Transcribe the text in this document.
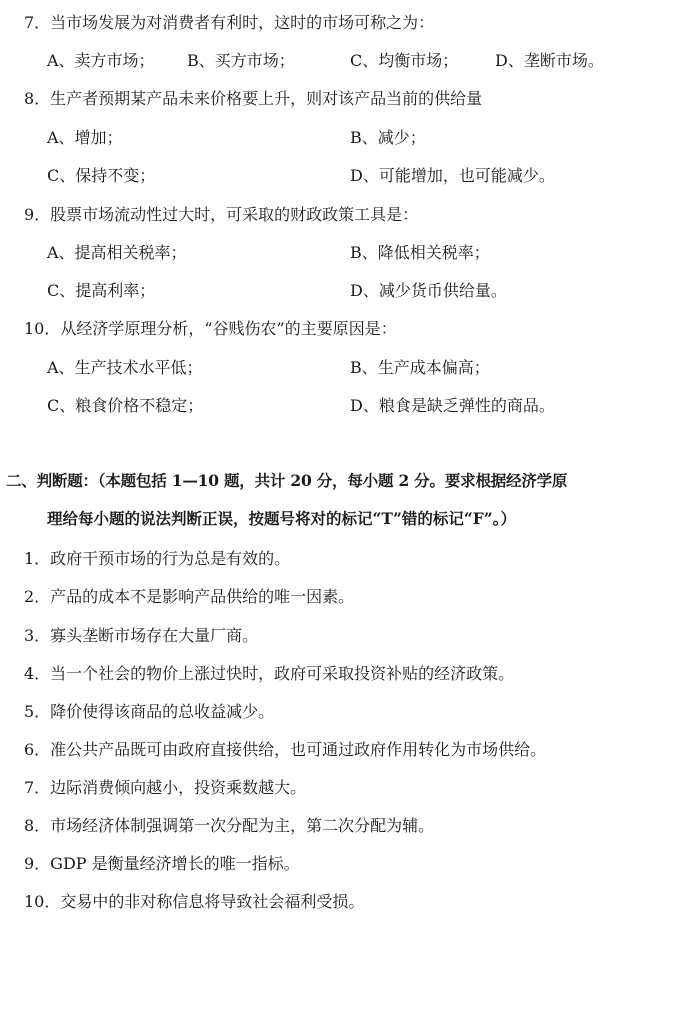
7．当市场发展为对消费者有利时，这时的市场可称之为：
A、卖方市场； B、买方市场；	C、均衡市场； D、垄断市场。
8．生产者预期某产品未来价格要上升，则对该产品当前的供给量
A、增加；	B、减少；
C、保持不变；	D、可能增加，也可能减少。
9．股票市场流动性过大时，可采取的财政政策工具是：
A、提高相关税率；	B、降低相关税率；
C、提高利率；	D、减少货币供给量。
10．从经济学原理分析，“谷贱伤农”的主要原因是：
A、生产技术水平低；	B、生产成本偏高；
C、粮食价格不稳定；	D、粮食是缺乏弹性的商品。
二、判断题：（本题包括 1—10 题，共计 20 分，每小题 2 分。要求根据经济学原
理给每小题的说法判断正误，按题号将对的标记“T”错的标记“F”。）
1．政府干预市场的行为总是有效的。
2．产品的成本不是影响产品供给的唯一因素。
3．寡头垄断市场存在大量厂商。
4．当一个社会的物价上涨过快时，政府可采取投资补贴的经济政策。
5．降价使得该商品的总收益减少。
6．准公共产品既可由政府直接供给，也可通过政府作用转化为市场供给。
7．边际消费倾向越小，投资乘数越大。
8．市场经济体制强调第一次分配为主，第二次分配为辅。
9．GDP 是衡量经济增长的唯一指标。
10．交易中的非对称信息将导致社会福利受损。
